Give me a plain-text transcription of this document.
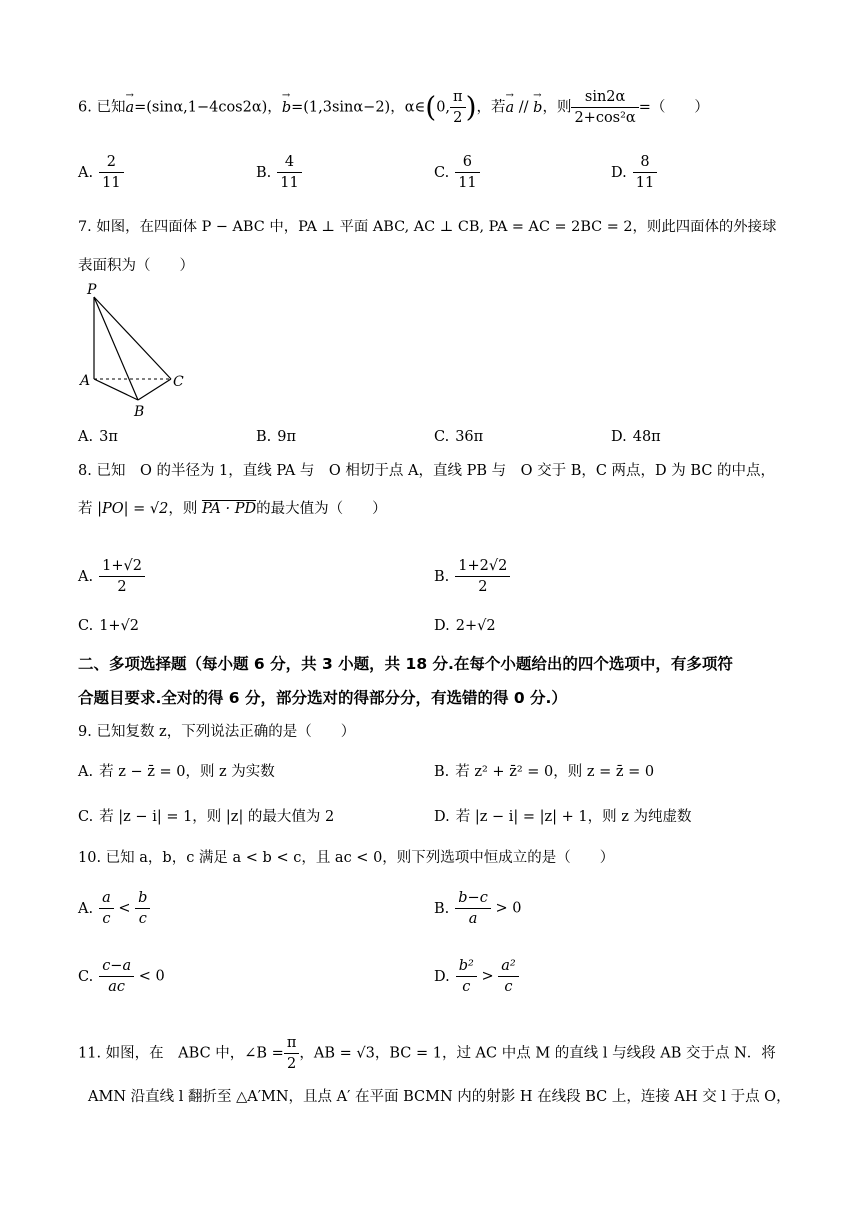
6. 已知→ a=(sinα,1−4cos2α)，→ b=(1,3sinα−2)，α∈(0, $\frac{\pi}{2}$ )，若→ a // → b，则 $\frac{\sin 2\alpha}{\text{2+cos²α}}$ =（　　）
A. $\frac{2}{11}$	B. $\frac{4}{11}$	C. $\frac{6}{11}$	D. $\frac{8}{11}$
7. 如图，在四面体 P − ABC 中，PA ⊥ 平面 ABC, AC ⊥ CB, PA = AC = 2BC = 2，则此四面体的外接球
表面积为（　　）
P
A
B
C
A. 3π	B. 9π	C. 36π	D. 48π
8. 已知　O 的半径为 1，直线 PA 与　O 相切于点 A，直线 PB 与　O 交于 B，C 两点，D 为 BC 的中点，
若 |PO| = √2，则 PA · PD的最大值为（　　）
A. $\frac{1+√2}{2}$	B. $\frac{1+2√2}{2}$
C. 1+√2	D. 2+√2
二、多项选择题（每小题 6 分，共 3 小题，共 18 分.在每个小题给出的四个选项中，有多项符
合题目要求.全对的得 6 分，部分选对的得部分分，有选错的得 0 分.）
9. 已知复数 z，下列说法正确的是（　　）
A. 若 z − z̄ = 0，则 z 为实数	B. 若 z² + z̄² = 0，则 z = z̄ = 0
C. 若 |z − i| = 1，则 |z| 的最大值为 2	D. 若 |z − i| = |z| + 1，则 z 为纯虚数
10. 已知 a，b，c 满足 a < b < c，且 ac < 0，则下列选项中恒成立的是（　　）
A. $\frac{a}{c} < \frac{b}{c}$	B. $\frac{b-c}{a} > 0$
C. $\frac{c-a}{ac} < 0$	D. $\frac{\text{b²}}{c} > \frac{\text{a²}}{c}$
11. 如图，在　ABC 中，∠B = $\frac{\pi}{2}$ ，AB = √3，BC = 1，过 AC 中点 M 的直线 l 与线段 AB 交于点 N．将
AMN 沿直线 l 翻折至 △A′MN，且点 A′ 在平面 BCMN 内的射影 H 在线段 BC 上，连接 AH 交 l 于点 O，
